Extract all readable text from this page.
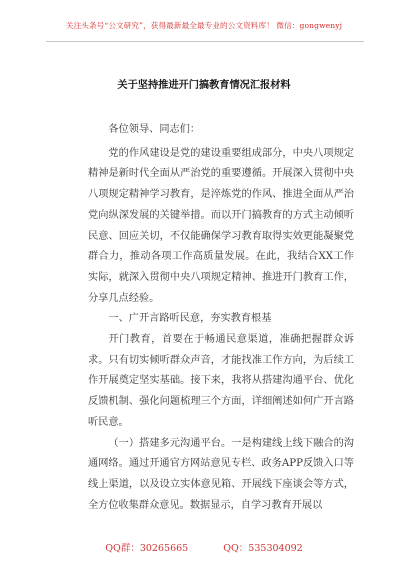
关注头条号“公文研究”，获得最新最全最专业的公文资料库！ 微信：gongwenyj
关于坚持推进开门搞教育情况汇报材料

各位领导、同志们：

党的作风建设是党的建设重要组成部分，中央八项规定精神是新时代全面从严治党的重要遵循。开展深入贯彻中央八项规定精神学习教育，是淬炼党的作风、推进全面从严治党向纵深发展的关键举措。而以开门搞教育的方式主动倾听民意、回应关切，不仅能确保学习教育取得实效更能凝聚党群合力，推动各项工作高质量发展。在此，我结合XX工作实际，就深入贯彻中央八项规定精神、推进开门教育工作，分享几点经验。

一、广开言路听民意，夯实教育根基

开门教育，首要在于畅通民意渠道，准确把握群众诉求。只有切实倾听群众声音，才能找准工作方向，为后续工作开展奠定坚实基础。接下来，我将从搭建沟通平台、优化反馈机制、强化问题梳理三个方面，详细阐述如何广开言路听民意。

（一）搭建多元沟通平台。一是构建线上线下融合的沟通网络。通过开通官方网站意见专栏、政务APP反馈入口等线上渠道，以及设立实体意见箱、开展线下座谈会等方式，全方位收集群众意见。数据显示，自学习教育开展以

QQ群：30265665	QQ：535304092
